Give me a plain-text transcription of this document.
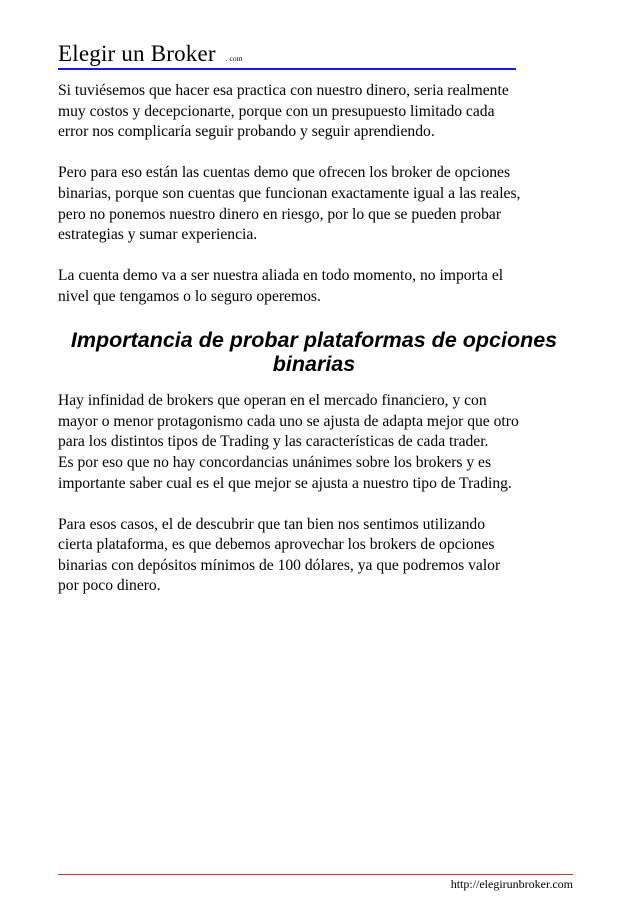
Elegir un Broker . com

Si tuviésemos que hacer esa practica con nuestro dinero, seria realmente
muy costos y decepcionarte, porque con un presupuesto limitado cada
error nos complicaría seguir probando y seguir aprendiendo.

Pero para eso están las cuentas demo que ofrecen los broker de opciones
binarias, porque son cuentas que funcionan exactamente igual a las reales,
pero no ponemos nuestro dinero en riesgo, por lo que se pueden probar
estrategias y sumar experiencia.

La cuenta demo va a ser nuestra aliada en todo momento, no importa el
nivel que tengamos o lo seguro operemos.

Importancia de probar plataformas de opciones
binarias

Hay infinidad de brokers que operan en el mercado financiero, y con
mayor o menor protagonismo cada uno se ajusta de adapta mejor que otro
para los distintos tipos de Trading y las características de cada trader.
Es por eso que no hay concordancias unánimes sobre los brokers y es
importante saber cual es el que mejor se ajusta a nuestro tipo de Trading.

Para esos casos, el de descubrir que tan bien nos sentimos utilizando
cierta plataforma, es que debemos aprovechar los brokers de opciones
binarias con depósitos mínimos de 100 dólares, ya que podremos valor
por poco dinero.

http://elegirunbroker.com
